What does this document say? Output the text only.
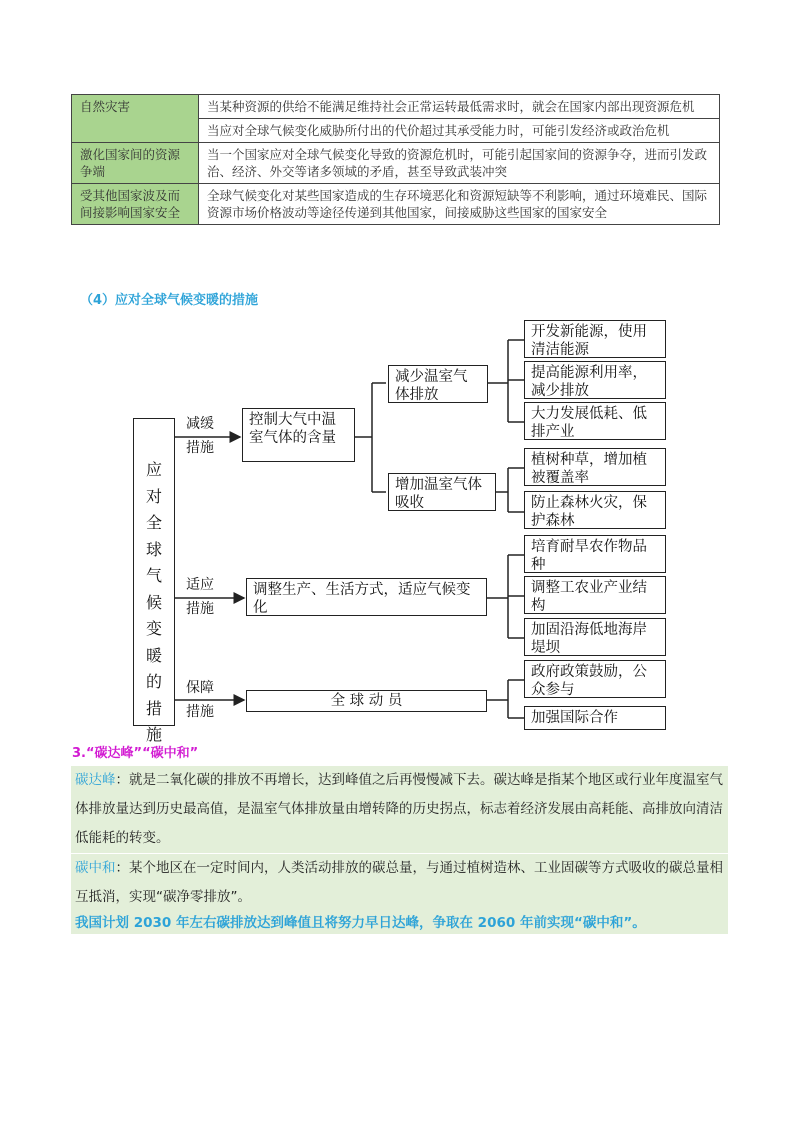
自然灾害	当某种资源的供给不能满足维持社会正常运转最低需求时，就会在国家内部出现资源危机
	当应对全球气候变化威胁所付出的代价超过其承受能力时，可能引发经济或政治危机
激化国家间的资源争端	当一个国家应对全球气候变化导致的资源危机时，可能引起国家间的资源争夺，进而引发政治、经济、外交等诸多领域的矛盾，甚至导致武装冲突
受其他国家波及而间接影响国家安全	全球气候变化对某些国家造成的生存环境恶化和资源短缺等不利影响，通过环境难民、国际资源市场价格波动等途径传递到其他国家，间接威胁这些国家的国家安全
（4）应对全球气候变暖的措施
应
对
全
球
气
候
变
暖
的
措
施
减缓
措施
控制大气中温室气体的含量
减少温室气体排放
增加温室气体吸收
开发新能源，使用清洁能源
提高能源利用率，减少排放
大力发展低耗、低排产业
植树种草，增加植被覆盖率
防止森林火灾，保护森林
适应
措施
调整生产、生活方式，适应气候变化
培育耐旱农作物品种
调整工农业产业结构
加固沿海低地海岸堤坝
保障
措施
全 球 动 员
政府政策鼓励，公众参与
加强国际合作
3.“碳达峰”“碳中和”
碳达峰：就是二氧化碳的排放不再增长，达到峰值之后再慢慢减下去。碳达峰是指某个地区或行业年度温室气体排放量达到历史最高值，是温室气体排放量由增转降的历史拐点，标志着经济发展由高耗能、高排放向清洁低能耗的转变。
碳中和：某个地区在一定时间内，人类活动排放的碳总量，与通过植树造林、工业固碳等方式吸收的碳总量相互抵消，实现“碳净零排放”。
我国计划 2030 年左右碳排放达到峰值且将努力早日达峰，争取在 2060 年前实现“碳中和”。
